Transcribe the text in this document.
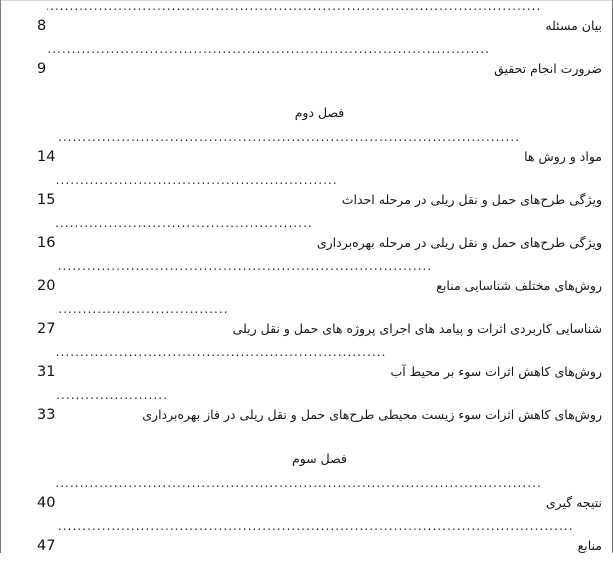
بیان مسئله
.....
8
ضرورت انجام تحقیق
.....
9
فصل دوم
مواد و روش ها
.....
14
ویژگی طرح‌های حمل و نقل ریلی در مرحله احداث
.....
15
ویژگی طرح‌های حمل و نقل ریلی در مرحله بهره‌برداری
.....
16
روش‌های مختلف شناسایی منابع
.....
20
شناسایی کاربردی اثرات و پیامد های اجرای پروژه های حمل و نقل ریلی
.....
27
روش‌های کاهش اثرات سوء بر محیط آب
.....
31
روش‌های کاهش اثرات سوء زیست محیطی طرح‌های حمل و نقل ریلی در فاز بهره‌برداری
.....
33
فصل سوم
نتیجه گیری
.....
40
منابع
.....
47
